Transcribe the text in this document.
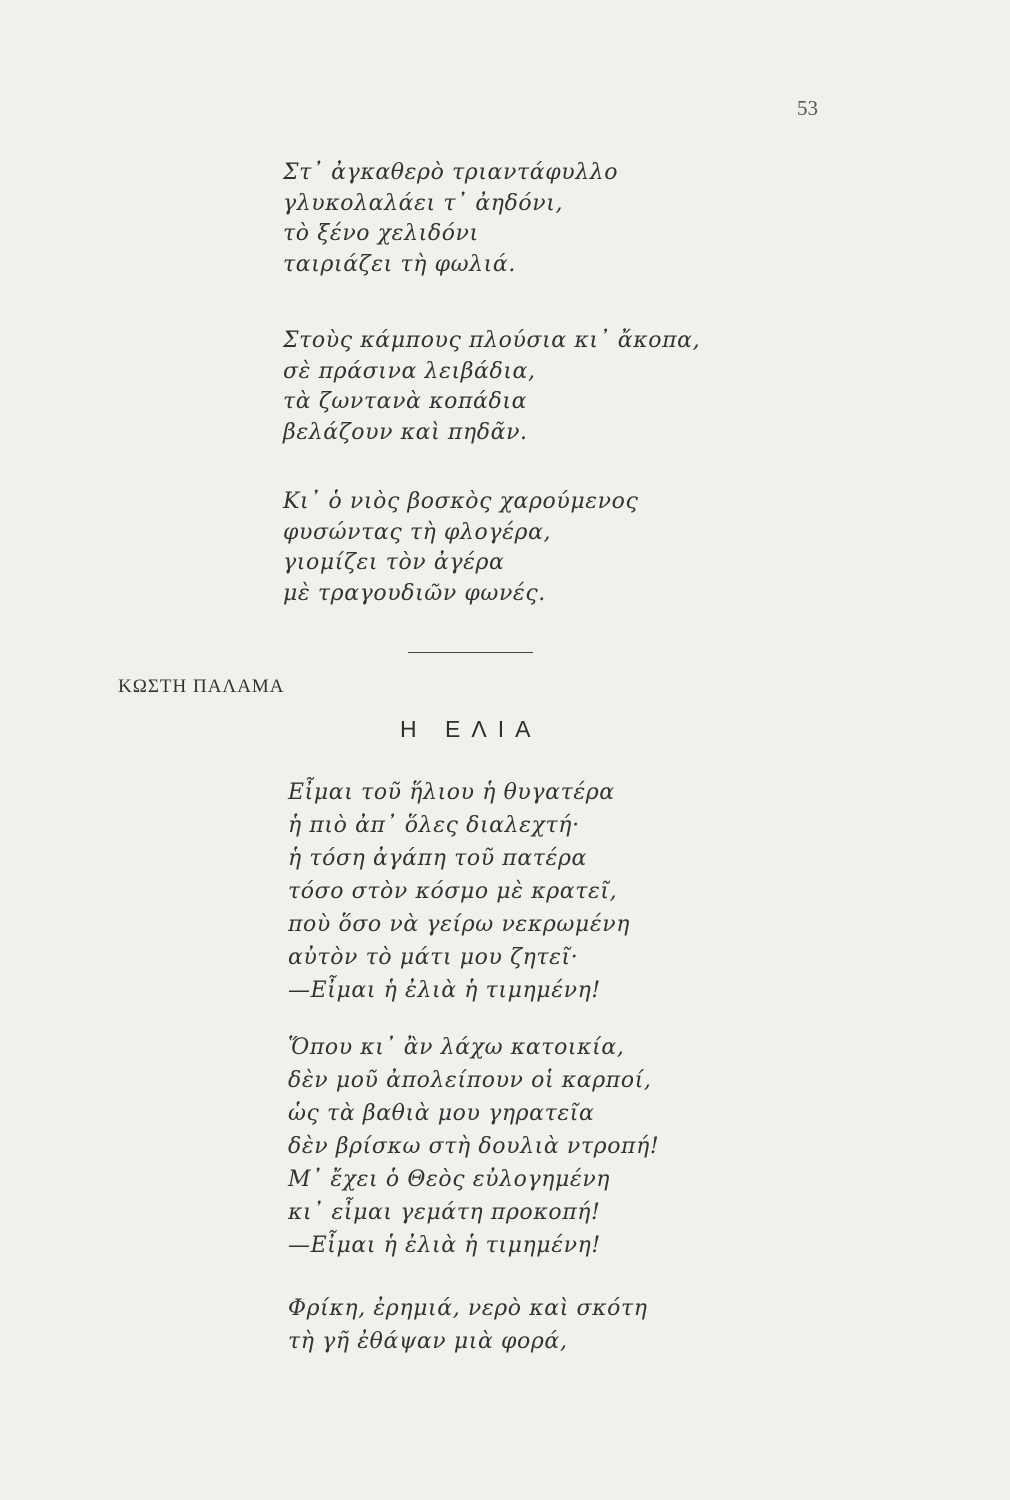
53
Στ᾽ ἀγκαθερὸ τριαντάφυλλο
γλυκολαλάει τ᾽ ἀηδόνι,
τὸ ξένο χελιδόνι
ταιριάζει τὴ φωλιά.
Στοὺς κάμπους πλούσια κι᾽ ἄκοπα,
σὲ πράσινα λειβάδια,
τὰ ζωντανὰ κοπάδια
βελάζουν καὶ πηδᾶν.
Κι᾽ ὁ νιὸς βοσκὸς χαρούμενος
φυσώντας τὴ φλογέρα,
γιομίζει τὸν ἀγέρα
μὲ τραγουδιῶν φωνές.
ΚΩΣΤΗ ΠΑΛΑΜΑ
Η ΕΛΙΑ
Εἶμαι τοῦ ἥλιου ἡ θυγατέρα
ἡ πιὸ ἀπ᾽ ὅλες διαλεχτή·
ἡ τόση ἀγάπη τοῦ πατέρα
τόσο στὸν κόσμο μὲ κρατεῖ,
ποὺ ὅσο νὰ γείρω νεκρωμένη
αὐτὸν τὸ μάτι μου ζητεῖ·
—Εἶμαι ἡ ἐλιὰ ἡ τιμημένη!
Ὅπου κι᾽ ἂν λάχω κατοικία,
δὲν μοῦ ἀπολείπουν οἱ καρποί,
ὡς τὰ βαθιὰ μου γηρατεῖα
δὲν βρίσκω στὴ δουλιὰ ντροπή!
Μ᾽ ἔχει ὁ Θεὸς εὐλογημένη
κι᾽ εἶμαι γεμάτη προκοπή!
—Εἶμαι ἡ ἐλιὰ ἡ τιμημένη!
Φρίκη, ἐρημιά, νερὸ καὶ σκότη
τὴ γῆ ἐθάψαν μιὰ φορά,
